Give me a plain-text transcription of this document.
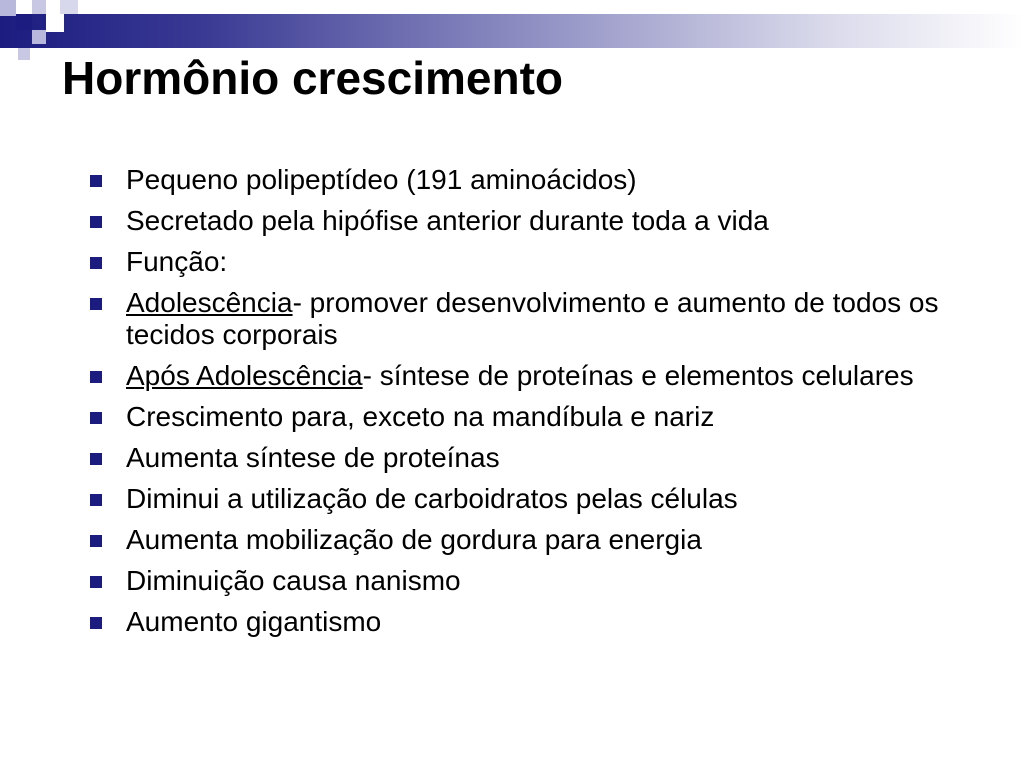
Hormônio crescimento
Pequeno polipeptídeo (191 aminoácidos)
Secretado pela hipófise anterior durante toda a vida
Função:
Adolescência- promover desenvolvimento e aumento de todos os tecidos corporais
Após Adolescência- síntese de proteínas e elementos celulares
Crescimento para, exceto na mandíbula e nariz
Aumenta síntese de proteínas
Diminui a utilização de carboidratos pelas células
Aumenta mobilização de gordura para energia
Diminuição causa nanismo
Aumento gigantismo
